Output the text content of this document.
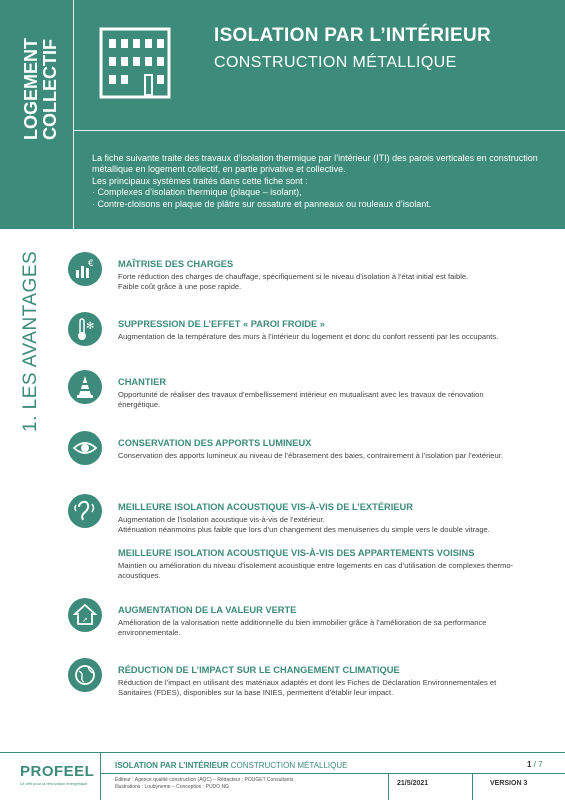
LOGEMENT COLLECTIF
ISOLATION PAR L’INTÉRIEUR
CONSTRUCTION MÉTALLIQUE

La fiche suivante traite des travaux d’isolation thermique par l’intérieur (ITI) des parois verticales en construction métallique en logement collectif, en partie privative et collective.

Les principaux systèmes traités dans cette fiche sont :

· Complexes d’isolation thermique (plaque – isolant),

· Contre-cloisons en plaque de plâtre sur ossature et panneaux ou rouleaux d’isolant.

1. LES AVANTAGES	€	MAÎTRISE DES CHARGES

Forte réduction des charges de chauffage, spécifiquement si le niveau d’isolation à l’état initial est faible.
Faible coût grâce à une pose rapide.

✻	SUPPRESSION DE L’EFFET « PAROI FROIDE »

Augmentation de la température des murs à l’intérieur du logement et donc du confort ressenti par les occupants.

CHANTIER

Opportunité de réaliser des travaux d’embellissement intérieur en mutualisant avec les travaux de rénovation énergétique.

CONSERVATION DES APPORTS LUMINEUX

Conservation des apports lumineux au niveau de l’ébrasement des baies, contrairement à l’isolation par l’extérieur.

MEILLEURE ISOLATION ACOUSTIQUE VIS-À-VIS DE L’EXTÉRIEUR

Augmentation de l’isolation acoustique vis-à-vis de l’extérieur.
Atténuation néanmoins plus faible que lors d’un changement des menuiseries du simple vers le double vitrage.

MEILLEURE ISOLATION ACOUSTIQUE VIS-À-VIS DES APPARTEMENTS VOISINS

Maintien ou amélioration du niveau d’isolement acoustique entre logements en cas d’utilisation de complexes thermo-acoustiques.

↗
AUGMENTATION DE LA VALEUR VERTE

Amélioration de la valorisation nette additionnelle du bien immobilier grâce à l’amélioration de sa performance environnementale.

RÉDUCTION DE L’IMPACT SUR LE CHANGEMENT CLIMATIQUE

Réduction de l’impact en utilisant des matériaux adaptés et dont les Fiches de Déclaration Environnementales et Sanitaires (FDES), disponibles sur la base INIES, permettent d’établir leur impact.

PROFEEL
Le défi pour la rénovation énergétique
ISOLATION PAR L’INTÉRIEUR CONSTRUCTION MÉTALLIQUE	1 / 7
Éditeur : Agence qualité construction (AQC) – Rédacteur : POUGET Consultants
Illustrations : Loubyneme – Conception : PUDO NG	21/5/2021	VERSION 3
